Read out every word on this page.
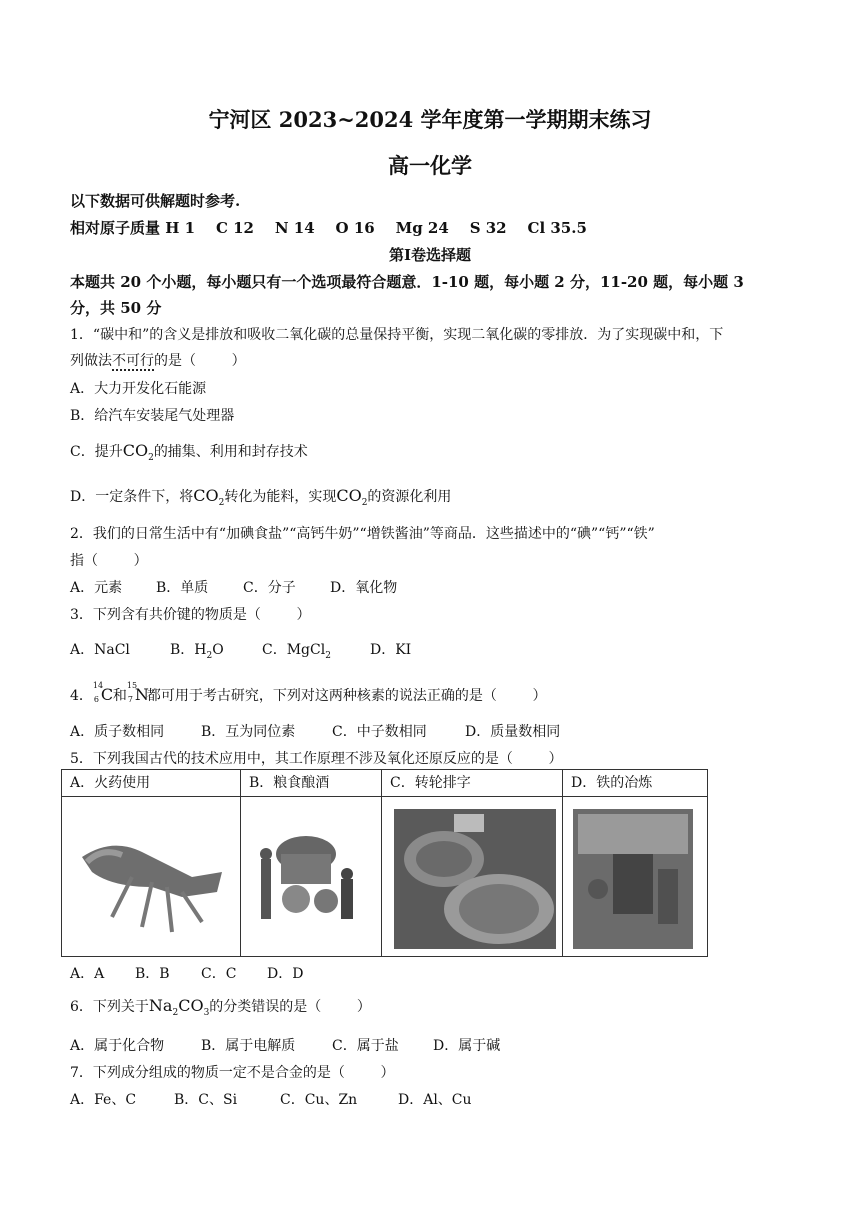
宁河区 2023~2024 学年度第一学期期末练习
高一化学
以下数据可供解题时参考.
相对原子质量 H 1    C 12    N 14    O 16    Mg 24    S 32    Cl 35.5
第Ⅰ卷选择题
本题共 20 个小题，每小题只有一个选项最符合题意．1-10 题，每小题 2 分，11-20 题，每小题 3
分，共 50 分
1．“碳中和”的含义是排放和吸收二氧化碳的总量保持平衡，实现二氧化碳的零排放．为了实现碳中和，下
列做法不可行的是（        ）
A．大力开发化石能源
B．给汽车安装尾气处理器
C．提升$CO_2$的捕集、利用和封存技术
D．一定条件下，将$CO_2$转化为能料，实现$CO_2$的资源化利用
2．我们的日常生活中有“加碘食盐”“高钙牛奶”“增铁酱油”等商品．这些描述中的“碘”“钙”“铁”
指（        ）
A．元素 B．单质 C．分子 D．氧化物
3．下列含有共价键的物质是（        ）
A．NaCl	B．$H_2O$	C．MgCl$_2$	D．KI
4．
14
6 C 和
15
7 N
都可用于考古研究，下列对这两种核素的说法正确的是（        ）
A．质子数相同	B．互为同位素	C．中子数相同	D．质量数相同
5．下列我国古代的技术应用中，其工作原理不涉及氧化还原反应的是（        ）
A．火药使用	B．粮食酿酒	C．转轮排字	D．铁的冶炼

A．A B．B C．C D．D
6．下列关于$Na_2CO_3$的分类错误的是（        ）
A．属于化合物	B．属于电解质	C．属于盐 D．属于碱
7．下列成分组成的物质一定不是合金的是（        ）
A．Fe、C	B．C、Si	C．Cu、Zn	D．Al、Cu
